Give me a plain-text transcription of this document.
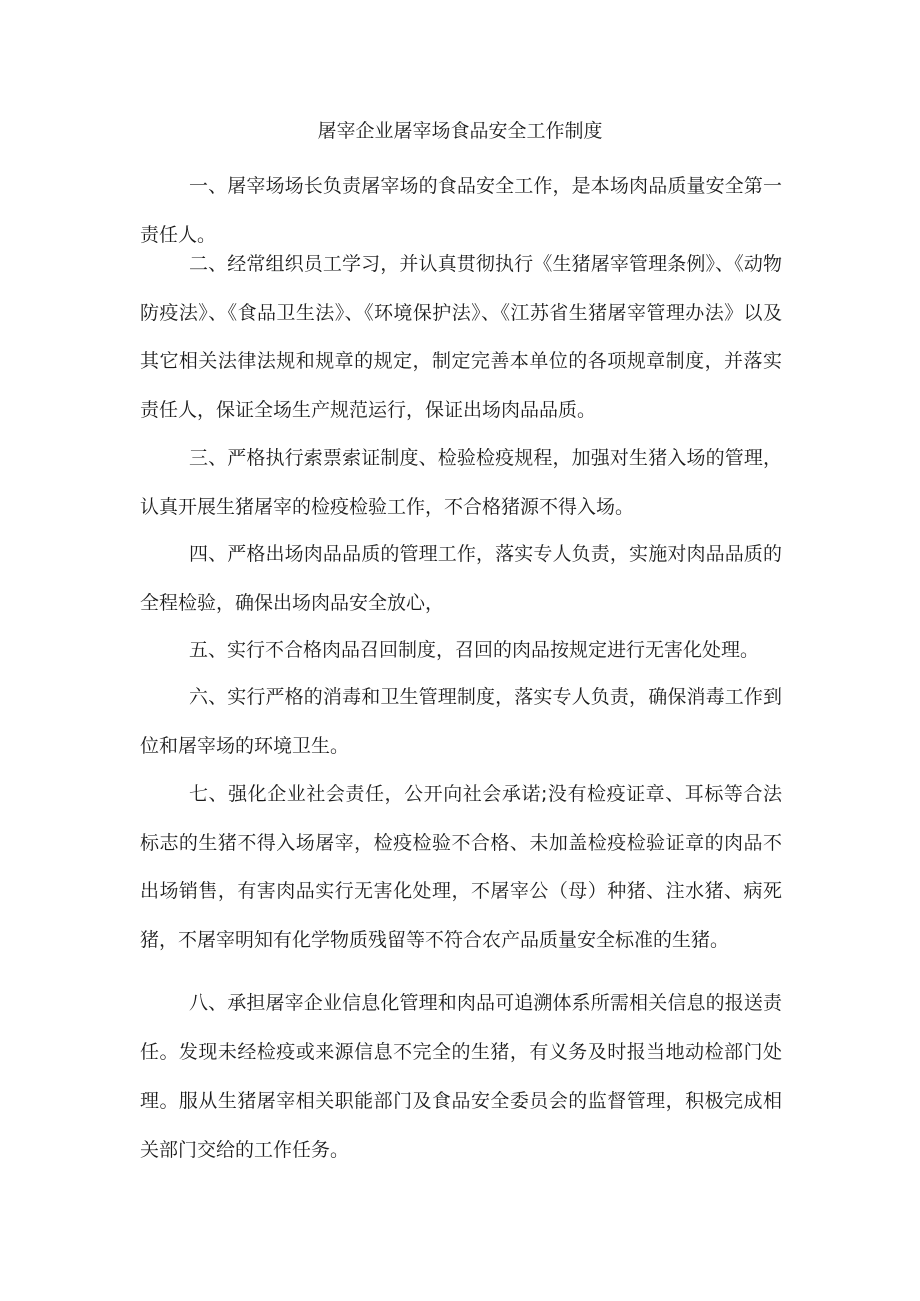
屠宰企业屠宰场食品安全工作制度

一、屠宰场场长负责屠宰场的食品安全工作，是本场肉品质量安全第一责任人。

二、经常组织员工学习，并认真贯彻执行《生猪屠宰管理条例》、《动物防疫法》、《食品卫生法》、《环境保护法》、《江苏省生猪屠宰管理办法》以及其它相关法律法规和规章的规定，制定完善本单位的各项规章制度，并落实责任人，保证全场生产规范运行，保证出场肉品品质。

三、严格执行索票索证制度、检验检疫规程，加强对生猪入场的管理，认真开展生猪屠宰的检疫检验工作，不合格猪源不得入场。

四、严格出场肉品品质的管理工作，落实专人负责，实施对肉品品质的全程检验，确保出场肉品安全放心，

五、实行不合格肉品召回制度，召回的肉品按规定进行无害化处理。

六、实行严格的消毒和卫生管理制度，落实专人负责，确保消毒工作到位和屠宰场的环境卫生。

七、强化企业社会责任，公开向社会承诺;没有检疫证章、耳标等合法标志的生猪不得入场屠宰，检疫检验不合格、未加盖检疫检验证章的肉品不出场销售，有害肉品实行无害化处理，不屠宰公（母）种猪、注水猪、病死猪，不屠宰明知有化学物质残留等不符合农产品质量安全标准的生猪。

八、承担屠宰企业信息化管理和肉品可追溯体系所需相关信息的报送责任。发现未经检疫或来源信息不完全的生猪，有义务及时报当地动检部门处理。服从生猪屠宰相关职能部门及食品安全委员会的监督管理，积极完成相关部门交给的工作任务。
